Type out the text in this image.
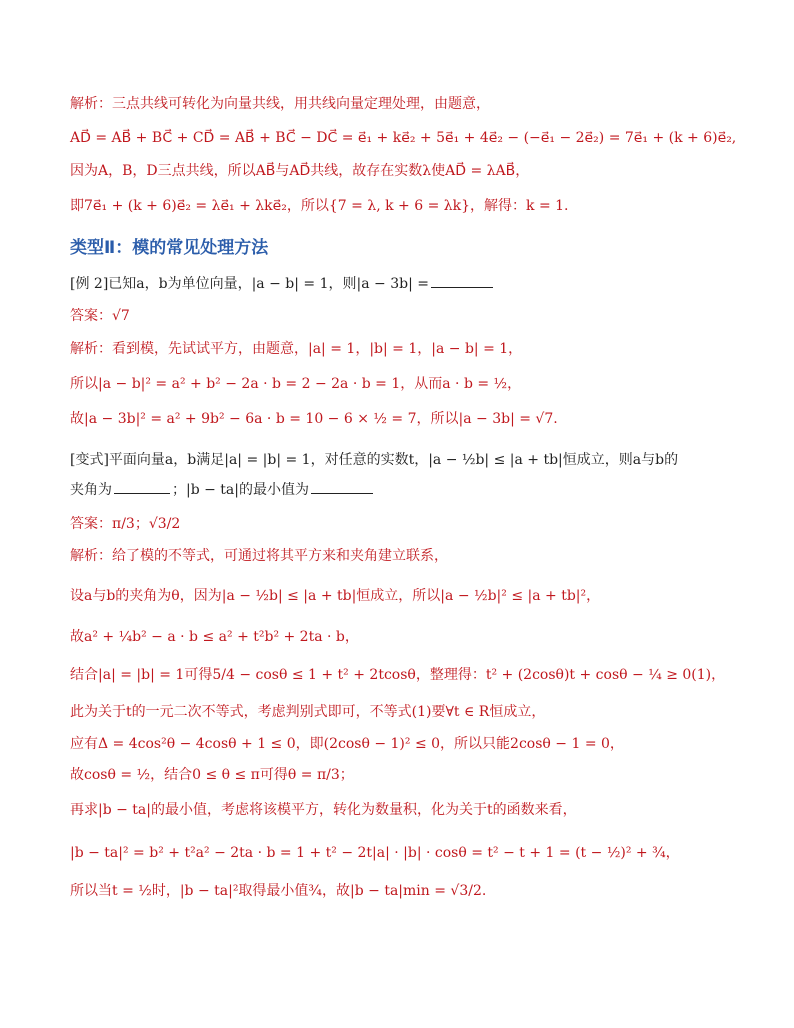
解析：三点共线可转化为向量共线，用共线向量定理处理，由题意，
AD⃗ = AB⃗ + BC⃗ + CD⃗ = AB⃗ + BC⃗ − DC⃗ = e⃗₁ + ke⃗₂ + 5e⃗₁ + 4e⃗₂ − (−e⃗₁ − 2e⃗₂) = 7e⃗₁ + (k + 6)e⃗₂,
因为A，B，D三点共线，所以AB⃗与AD⃗共线，故存在实数λ使AD⃗ = λAB⃗，
即7e⃗₁ + (k + 6)e⃗₂ = λe⃗₁ + λke⃗₂，所以{7 = λ, k + 6 = λk}，解得：k = 1.
类型Ⅱ：模的常见处理方法
[例 2]已知a，b为单位向量，|a − b| = 1，则|a − 3b| =
答案：√7
解析：看到模，先试试平方，由题意，|a| = 1，|b| = 1，|a − b| = 1，
所以|a − b|² = a² + b² − 2a · b = 2 − 2a · b = 1，从而a · b = ½，
故|a − 3b|² = a² + 9b² − 6a · b = 10 − 6 × ½ = 7，所以|a − 3b| = √7.
[变式]平面向量a，b满足|a| = |b| = 1，对任意的实数t，|a − ½b| ≤ |a + tb|恒成立，则a与b的
夹角为	；|b − ta|的最小值为
答案：π/3；√3/2
解析：给了模的不等式，可通过将其平方来和夹角建立联系，
设a与b的夹角为θ，因为|a − ½b| ≤ |a + tb|恒成立，所以|a − ½b|² ≤ |a + tb|²，
故a² + ¼b² − a · b ≤ a² + t²b² + 2ta · b，
结合|a| = |b| = 1可得5/4 − cosθ ≤ 1 + t² + 2tcosθ，整理得：t² + (2cosθ)t + cosθ − ¼ ≥ 0(1)，
此为关于t的一元二次不等式，考虑判别式即可，不等式(1)要∀t ∈ R恒成立，
应有Δ = 4cos²θ − 4cosθ + 1 ≤ 0，即(2cosθ − 1)² ≤ 0，所以只能2cosθ − 1 = 0，
故cosθ = ½，结合0 ≤ θ ≤ π可得θ = π/3；
再求|b − ta|的最小值，考虑将该模平方，转化为数量积，化为关于t的函数来看，
|b − ta|² = b² + t²a² − 2ta · b = 1 + t² − 2t|a| · |b| · cosθ = t² − t + 1 = (t − ½)² + ¾，
所以当t = ½时，|b − ta|²取得最小值¾，故|b − ta|min = √3/2.
